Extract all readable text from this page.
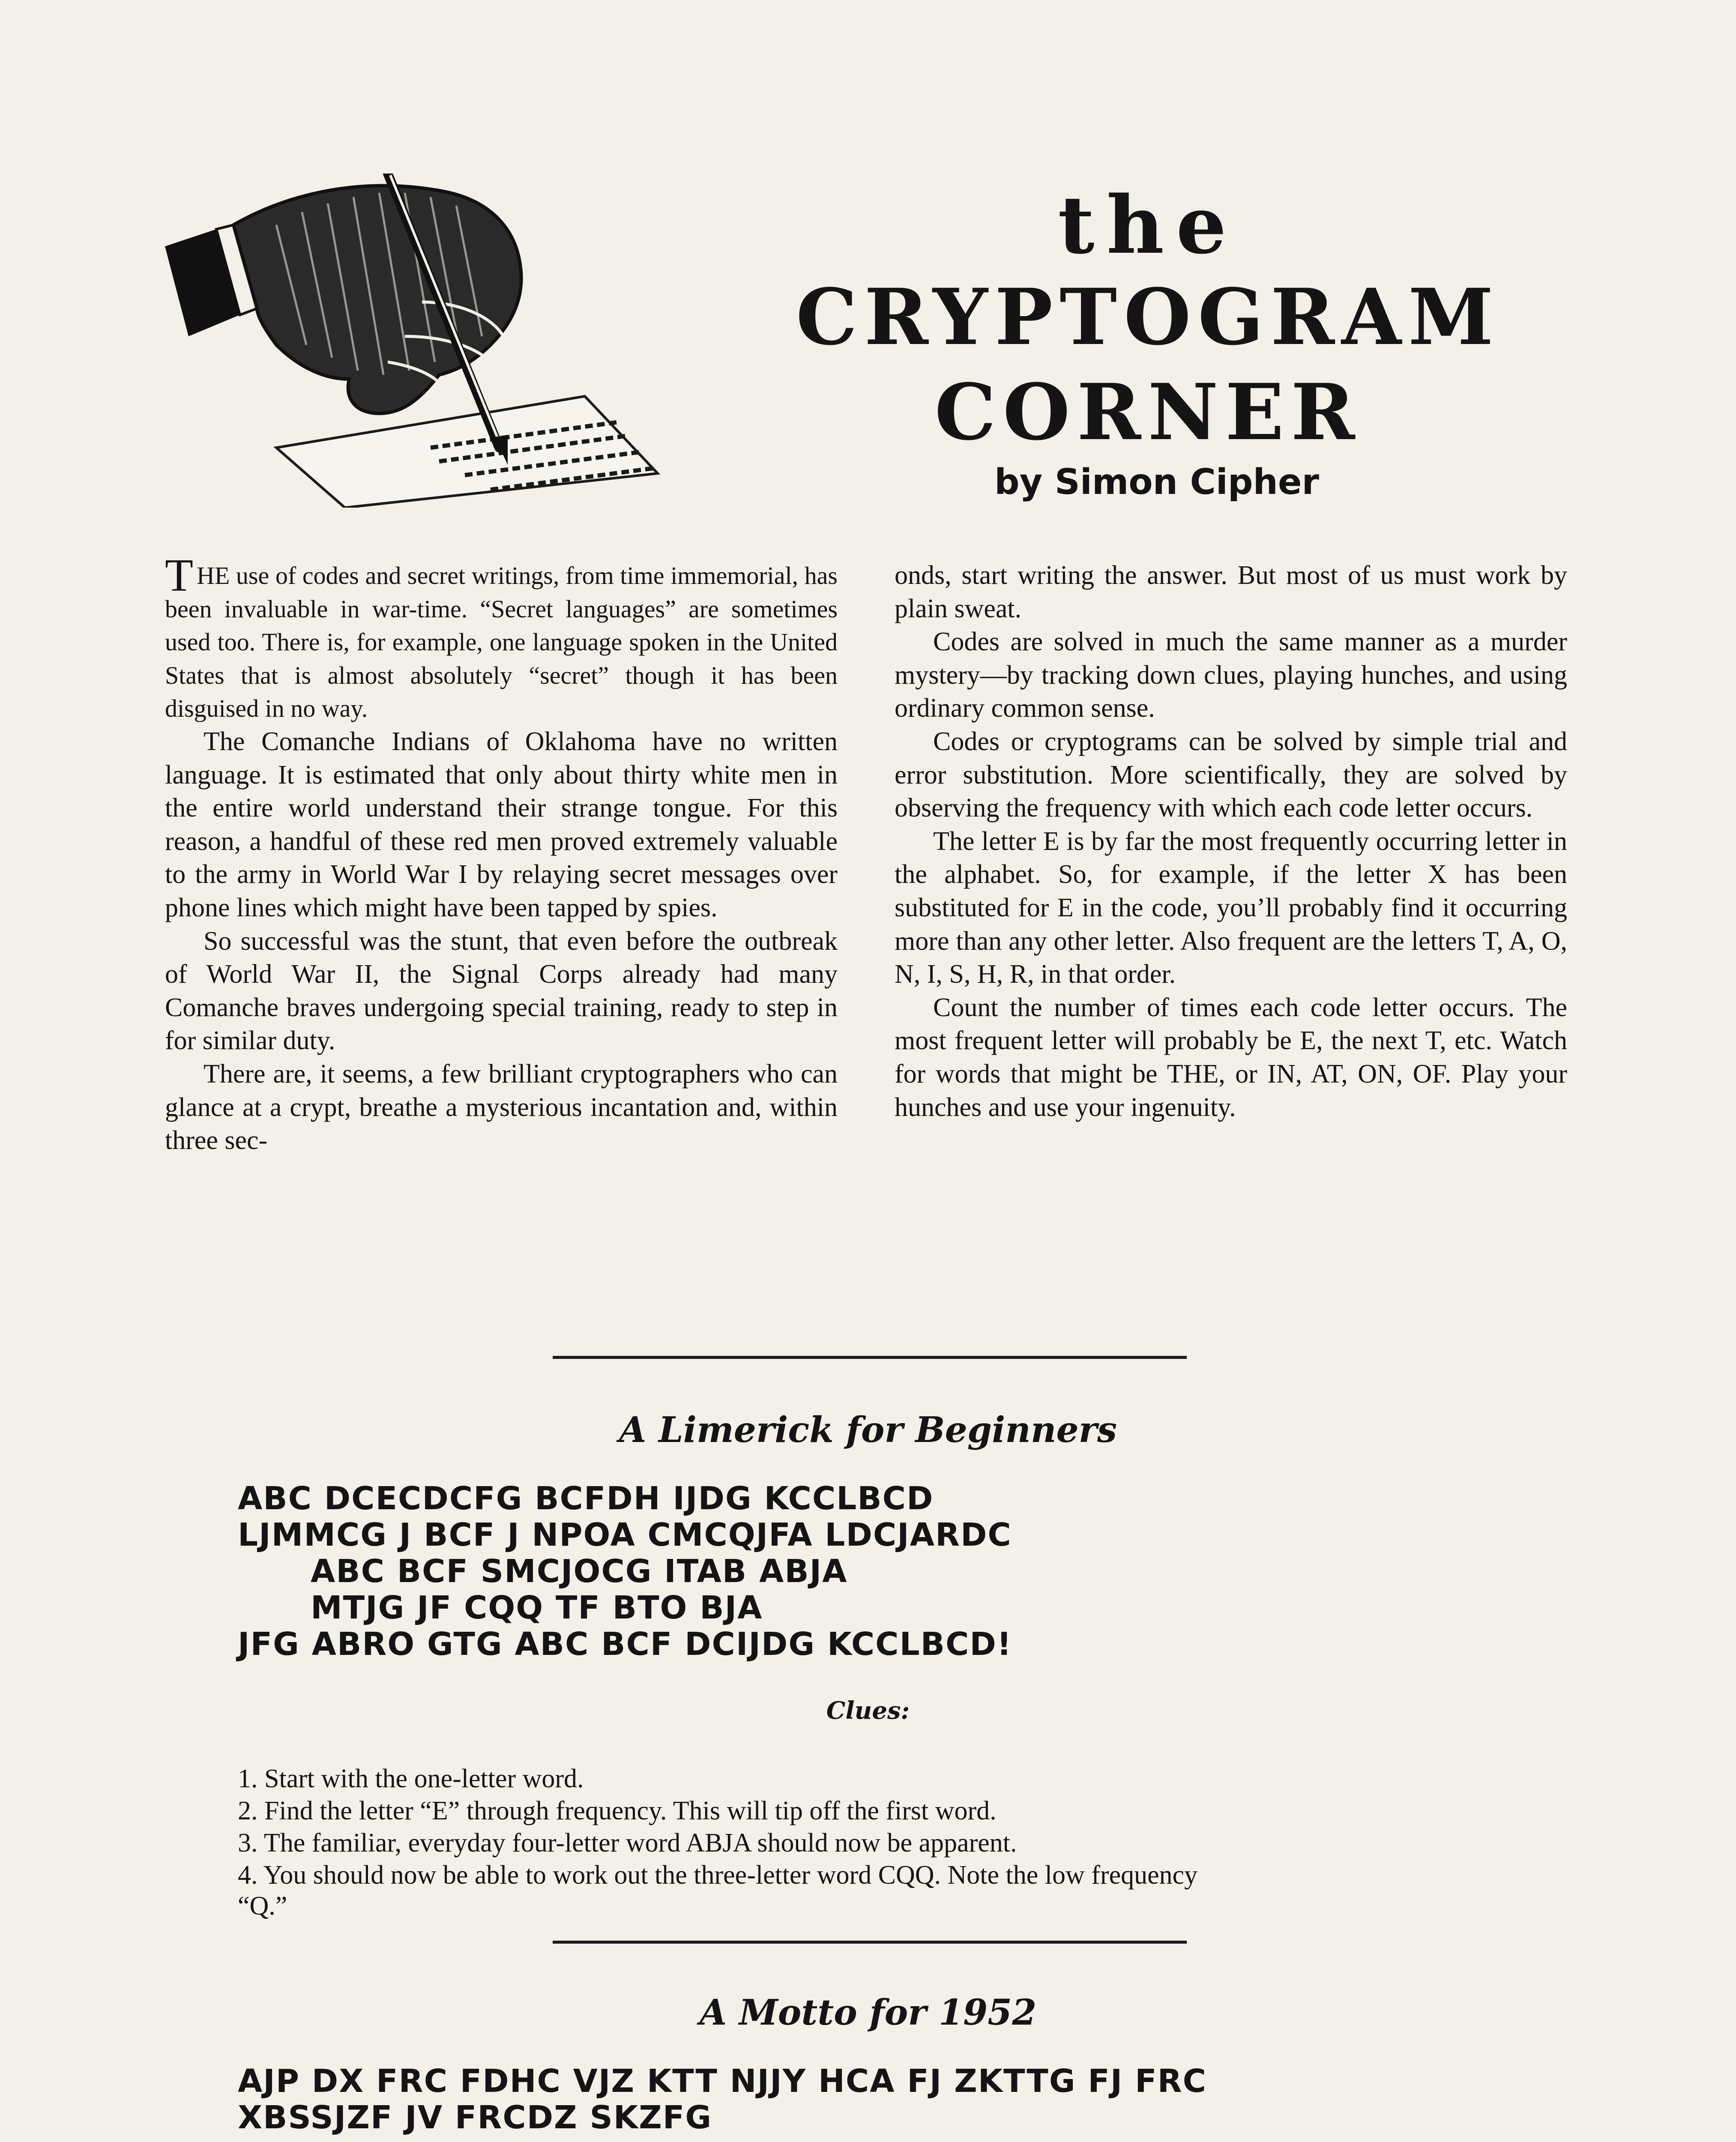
the
CRYPTOGRAM
CORNER
by Simon Cipher

THE use of codes and secret writings, from time immemorial, has been invaluable in war-time. “Secret languages” are sometimes used too. There is, for example, one language spoken in the United States that is almost absolutely “secret” though it has been disguised in no way.

The Comanche Indians of Oklahoma have no written language. It is estimated that only about thirty white men in the entire world understand their strange tongue. For this reason, a handful of these red men proved extremely valuable to the army in World War I by relaying secret messages over phone lines which might have been tapped by spies.

So successful was the stunt, that even before the outbreak of World War II, the Signal Corps already had many Comanche braves undergoing special training, ready to step in for similar duty.

There are, it seems, a few brilliant cryptographers who can glance at a crypt, breathe a mysterious incantation and, within three sec-

onds, start writing the answer. But most of us must work by plain sweat.

Codes are solved in much the same manner as a murder mystery—by tracking down clues, playing hunches, and using ordinary common sense.

Codes or cryptograms can be solved by simple trial and error substitution. More scientifically, they are solved by observing the frequency with which each code letter occurs.

The letter E is by far the most frequently occurring letter in the alphabet. So, for example, if the letter X has been substituted for E in the code, you’ll probably find it occurring more than any other letter. Also frequent are the letters T, A, O, N, I, S, H, R, in that order.

Count the number of times each code letter occurs. The most frequent letter will probably be E, the next T, etc. Watch for words that might be THE, or IN, AT, ON, OF. Play your hunches and use your ingenuity.

A Limerick for Beginners
ABC DCECDCFG BCFDH IJDG KCCLBCD
LJMMCG J BCF J NPOA CMCQJFA LDCJARDC
ABC BCF SMCJOCG ITAB ABJA
MTJG JF CQQ TF BTO BJA
JFG ABRO GTG ABC BCF DCIJDG KCCLBCD!
Clues:
1. Start with the one-letter word.
2. Find the letter “E” through frequency. This will tip off the first word.
3. The familiar, everyday four-letter word ABJA should now be apparent.
4. You should now be able to work out the three-letter word CQQ. Note the low frequency
“Q.”
A Motto for 1952
AJP DX FRC FDHC VJZ KTT NJJY HCA FJ ZKTTG FJ FRC
XBSSJZF JV FRCDZ SKZFG
